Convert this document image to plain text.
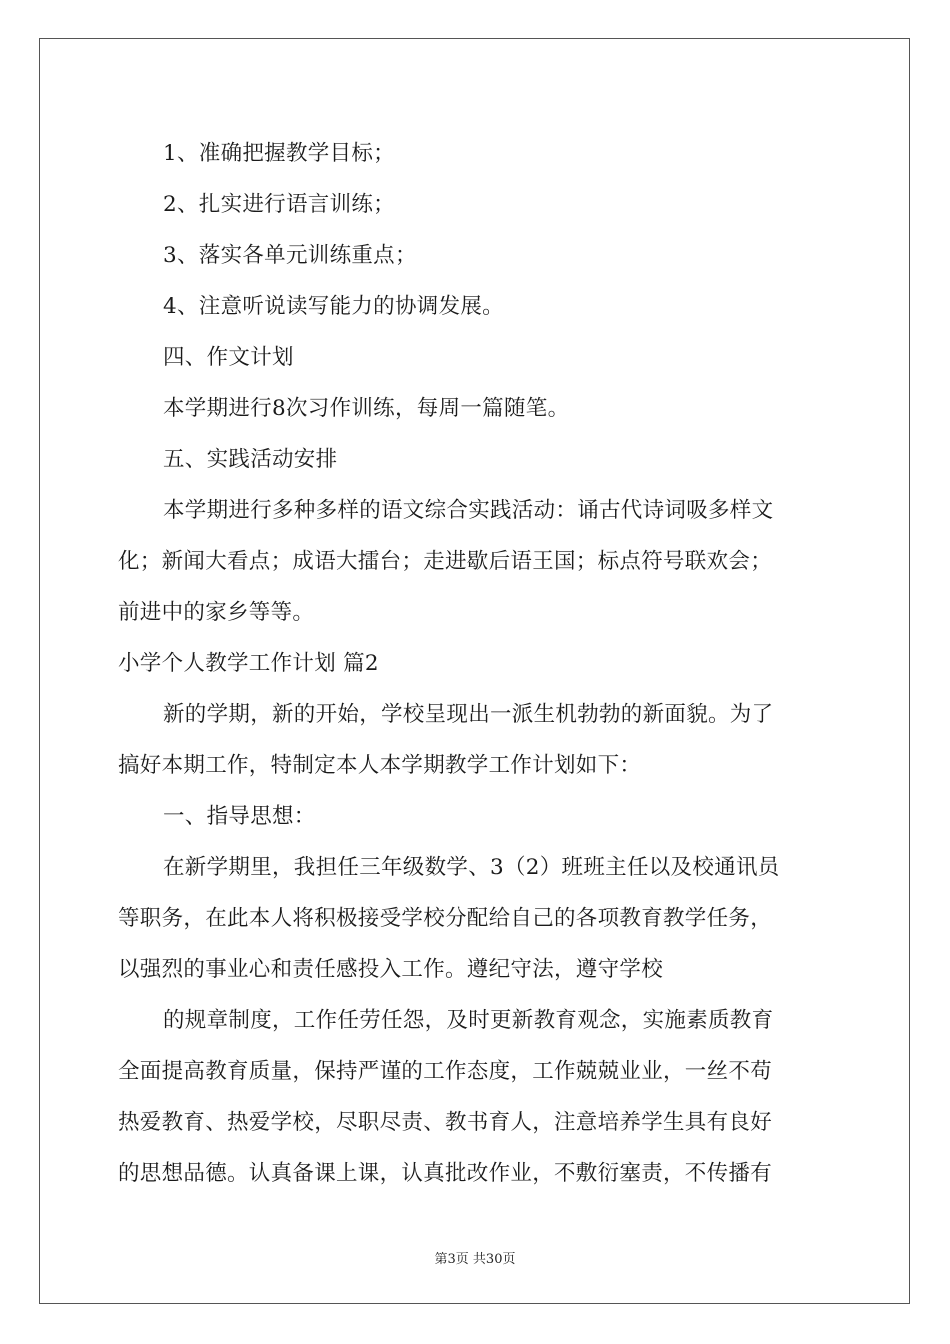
1、准确把握教学目标；
2、扎实进行语言训练；
3、落实各单元训练重点；
4、注意听说读写能力的协调发展。
四、作文计划
本学期进行8次习作训练，每周一篇随笔。
五、实践活动安排
本学期进行多种多样的语文综合实践活动：诵古代诗词吸多样文
化；新闻大看点；成语大擂台；走进歇后语王国；标点符号联欢会；
前进中的家乡等等。
小学个人教学工作计划 篇2
新的学期，新的开始，学校呈现出一派生机勃勃的新面貌。为了
搞好本期工作，特制定本人本学期教学工作计划如下：
一、指导思想：
在新学期里，我担任三年级数学、3（2）班班主任以及校通讯员
等职务，在此本人将积极接受学校分配给自己的各项教育教学任务，
以强烈的事业心和责任感投入工作。遵纪守法，遵守学校
的规章制度，工作任劳任怨，及时更新教育观念，实施素质教育
全面提高教育质量，保持严谨的工作态度，工作兢兢业业，一丝不苟
热爱教育、热爱学校，尽职尽责、教书育人，注意培养学生具有良好
的思想品德。认真备课上课，认真批改作业，不敷衍塞责，不传播有
第3页 共30页
